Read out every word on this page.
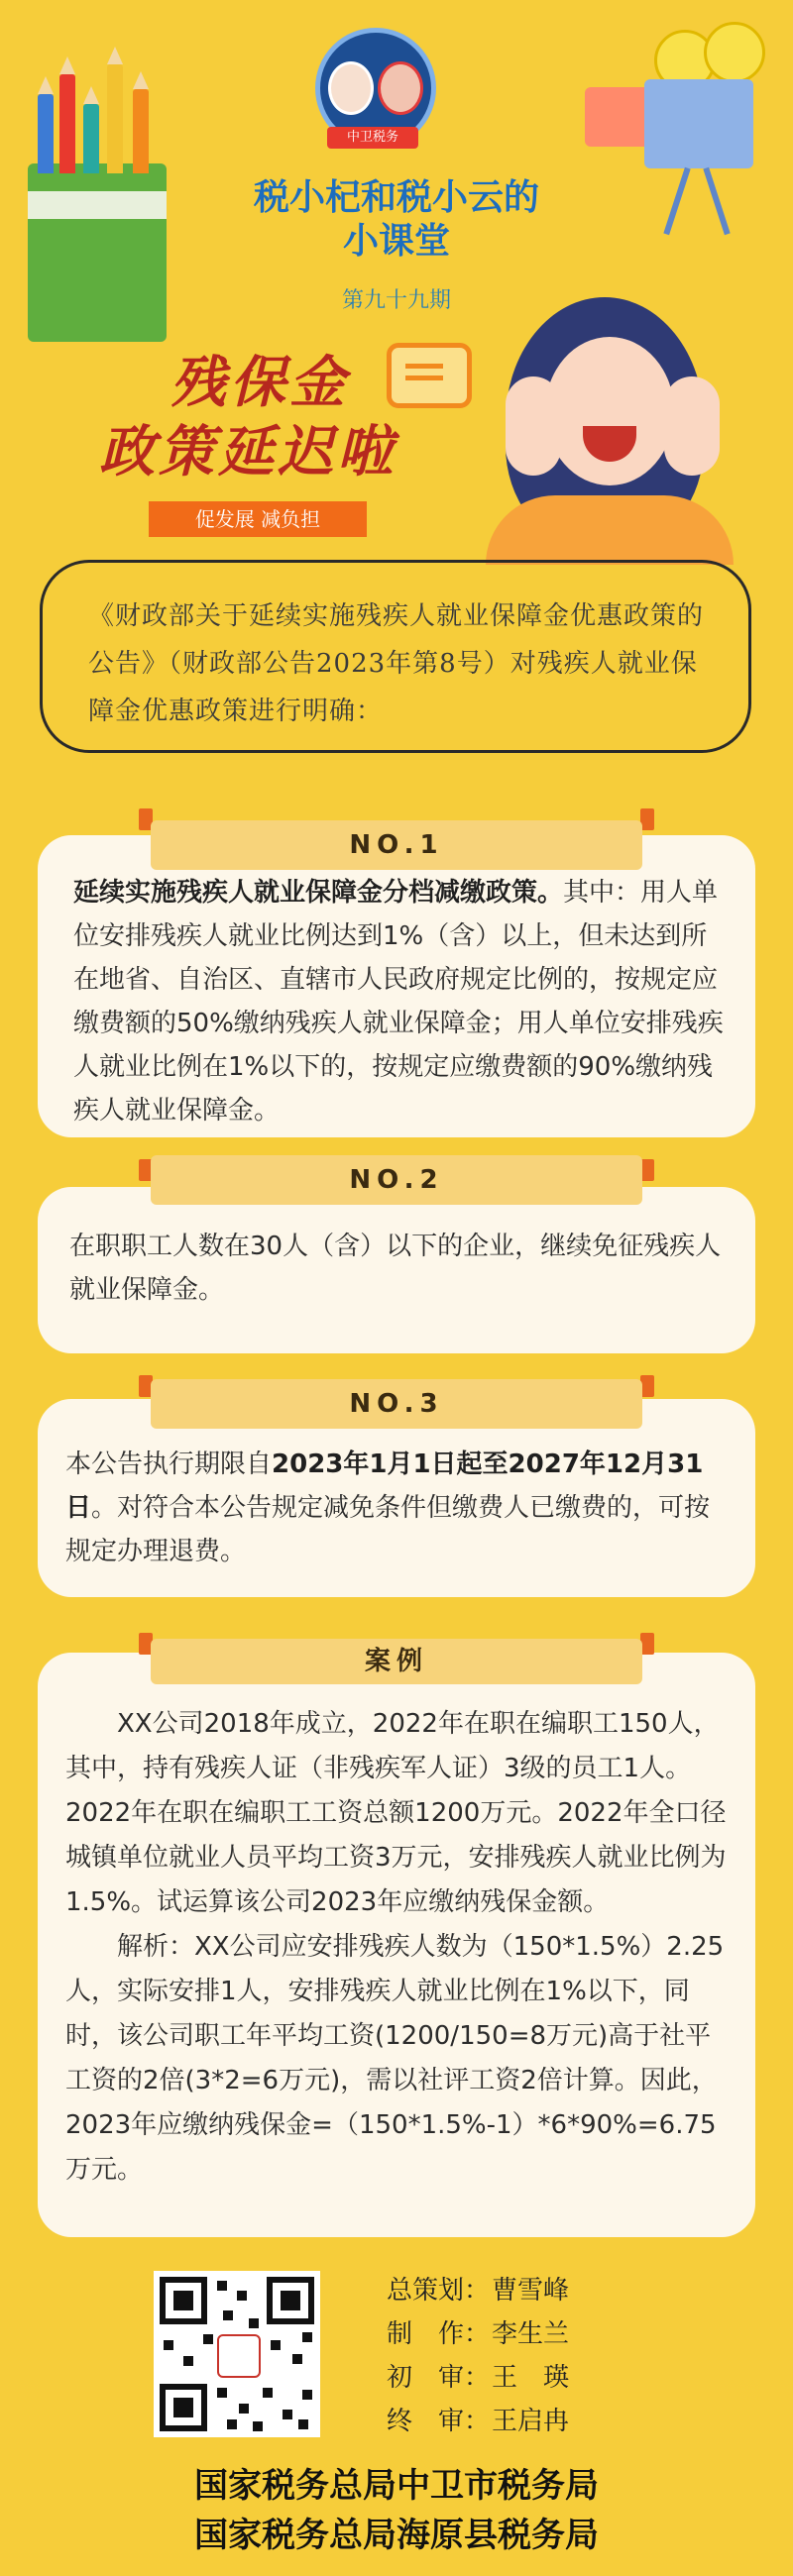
中卫税务
税小杞和税小云的
小课堂
第九十九期
残保金
政策延迟啦
促发展 减负担
《财政部关于延续实施残疾人就业保障金优惠政策的公告》（财政部公告2023年第8号）对残疾人就业保障金优惠政策进行明确：
延续实施残疾人就业保障金分档减缴政策。其中：用人单位安排残疾人就业比例达到1%（含）以上，但未达到所在地省、自治区、直辖市人民政府规定比例的，按规定应缴费额的50%缴纳残疾人就业保障金；用人单位安排残疾人就业比例在1%以下的，按规定应缴费额的90%缴纳残疾人就业保障金。
NO.1
在职职工人数在30人（含）以下的企业，继续免征残疾人就业保障金。
NO.2
本公告执行期限自2023年1月1日起至2027年12月31日。对符合本公告规定减免条件但缴费人已缴费的，可按规定办理退费。
NO.3
XX公司2018年成立，2022年在职在编职工150人，其中，持有残疾人证（非残疾军人证）3级的员工1人。2022年在职在编职工工资总额1200万元。2022年全口径城镇单位就业人员平均工资3万元，安排残疾人就业比例为1.5%。试运算该公司2023年应缴纳残保金额。
解析：XX公司应安排残疾人数为（150*1.5%）2.25人，实际安排1人，安排残疾人就业比例在1%以下，同时，该公司职工年平均工资(1200/150=8万元)高于社平工资的2倍(3*2=6万元)，需以社评工资2倍计算。因此，2023年应缴纳残保金=（150*1.5%-1）*6*90%=6.75万元。
案例
总策划：曹雪峰
制　作：李生兰
初　审：王　瑛
终　审：王启冉
国家税务总局中卫市税务局
国家税务总局海原县税务局
